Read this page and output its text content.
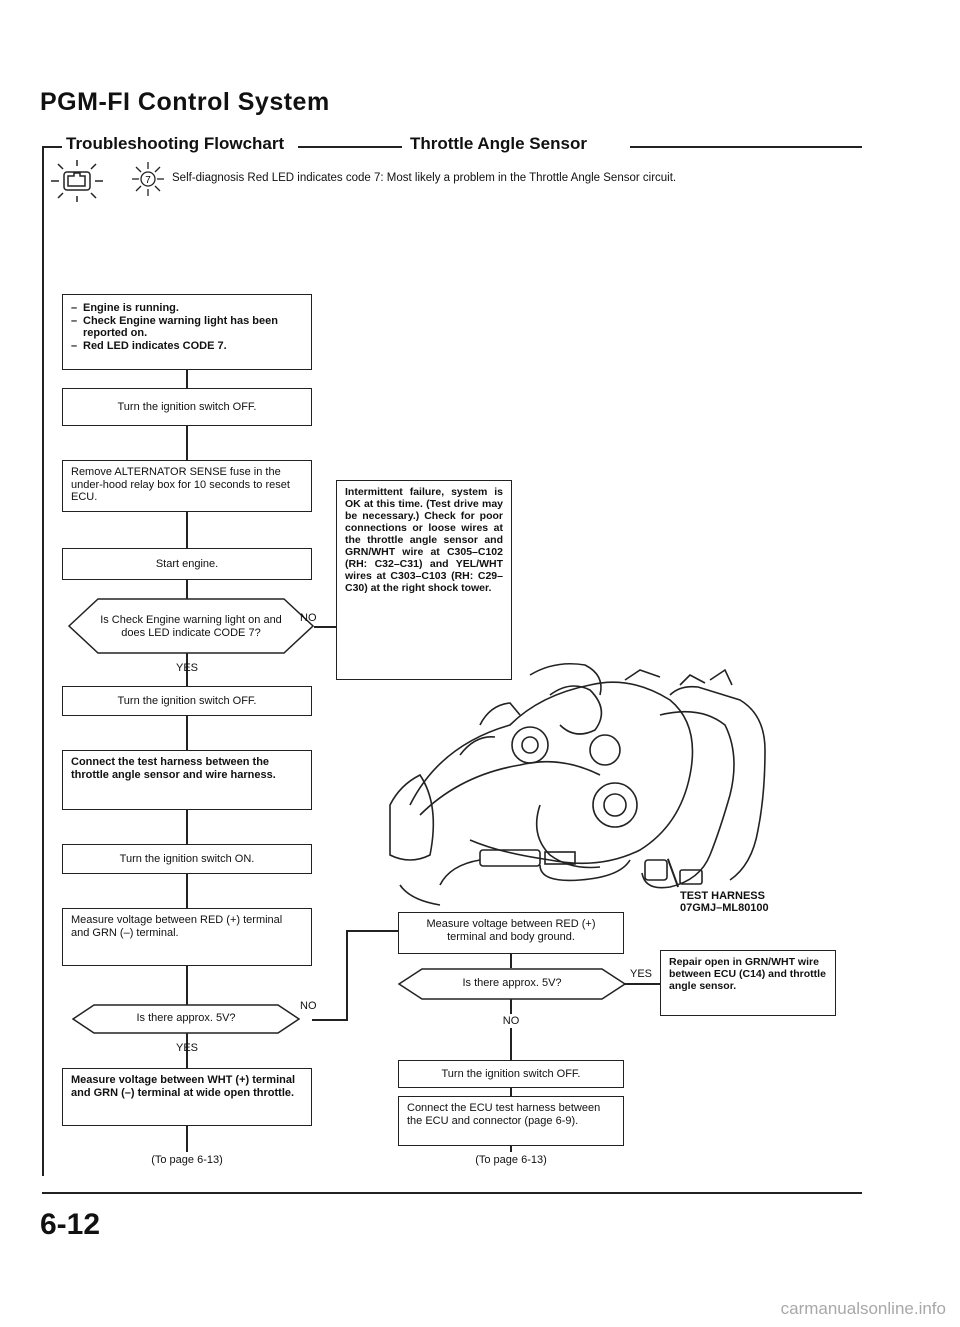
PGM-FI Control System
Troubleshooting Flowchart	Throttle Angle Sensor
7 Self-diagnosis Red LED indicates code 7: Most likely a problem in the Throttle Angle Sensor circuit.
– Engine is running.
– Check Engine warning light has been reported on.
– Red LED indicates CODE 7.
Turn the ignition switch OFF.
Remove ALTERNATOR SENSE fuse in the under-hood relay box for 10 seconds to reset ECU.
Start engine.
Is Check Engine warning light on and does LED indicate CODE 7?
NO
YES
Turn the ignition switch OFF.
Connect the test harness between the throttle angle sensor and wire harness.
Turn the ignition switch ON.
Measure voltage between RED (+) terminal and GRN (–) terminal.
Is there approx. 5V?
NO
YES
Measure voltage between WHT (+) terminal and GRN (–) terminal at wide open throttle.
(To page 6-13)
Intermittent failure, system is OK at this time. (Test drive may be necessary.) Check for poor connections or loose wires at the throttle angle sensor and GRN/WHT wire at C305–C102 (RH: C32–C31) and YEL/WHT wires at C303–C103 (RH: C29–C30) at the right shock tower.
TEST HARNESS
07GMJ–ML80100
Measure voltage between RED (+) terminal and body ground.
Is there approx. 5V?
YES
NO
Repair open in GRN/WHT wire between ECU (C14) and throttle angle sensor.
Turn the ignition switch OFF.
Connect the ECU test harness between the ECU and connector (page 6-9).
(To page 6-13)
6-12
carmanualsonline.info
